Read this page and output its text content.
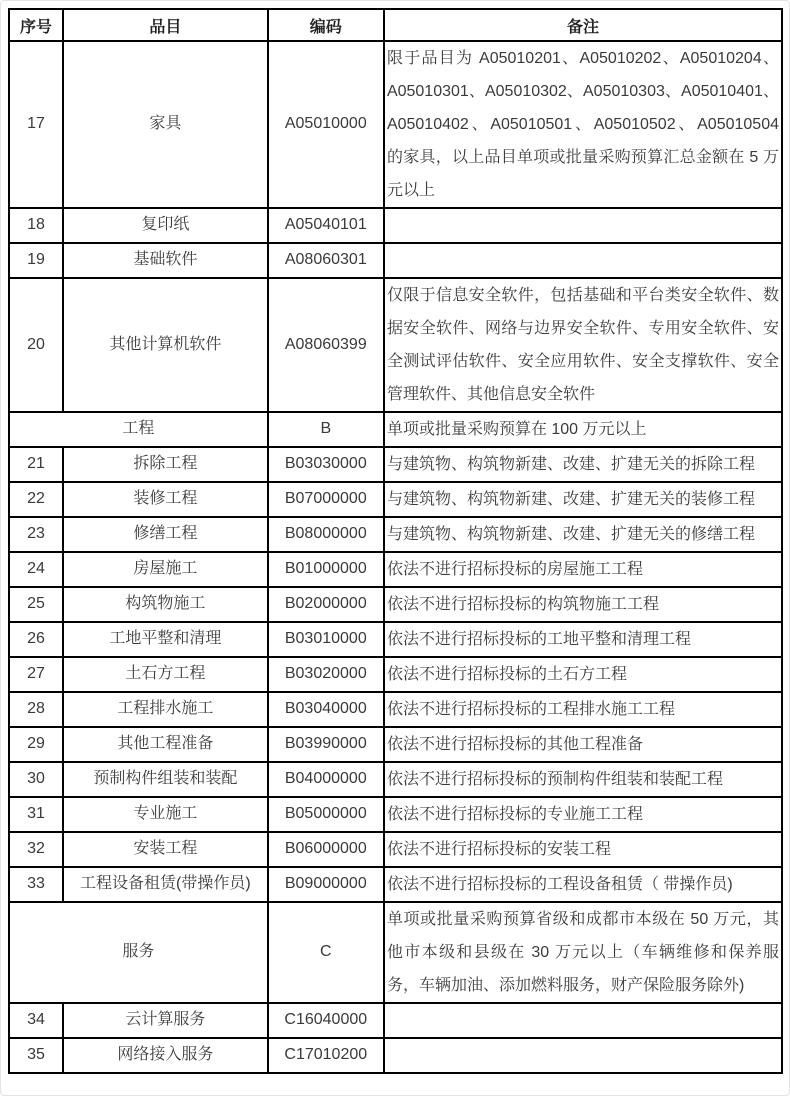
序号	品目	编码	备注
17	家具	A05010000	限于品目为 A05010201、A05010202、A05010204、A05010301、A05010302、A05010303、A05010401、A05010402、A05010501、A05010502、A05010504 的家具，以上品目单项或批量采购预算汇总金额在 5 万元以上
18	复印纸	A05040101	
19	基础软件	A08060301	
20	其他计算机软件	A08060399	仅限于信息安全软件，包括基础和平台类安全软件、数据安全软件、网络与边界安全软件、专用安全软件、安全测试评估软件、安全应用软件、安全支撑软件、安全管理软件、其他信息安全软件
工程		B	单项或批量采购预算在 100 万元以上
21	拆除工程	B03030000	与建筑物、构筑物新建、改建、扩建无关的拆除工程
22	装修工程	B07000000	与建筑物、构筑物新建、改建、扩建无关的装修工程
23	修缮工程	B08000000	与建筑物、构筑物新建、改建、扩建无关的修缮工程
24	房屋施工	B01000000	依法不进行招标投标的房屋施工工程
25	构筑物施工	B02000000	依法不进行招标投标的构筑物施工工程
26	工地平整和清理	B03010000	依法不进行招标投标的工地平整和清理工程
27	土石方工程	B03020000	依法不进行招标投标的土石方工程
28	工程排水施工	B03040000	依法不进行招标投标的工程排水施工工程
29	其他工程准备	B03990000	依法不进行招标投标的其他工程准备
30	预制构件组装和装配	B04000000	依法不进行招标投标的预制构件组装和装配工程
31	专业施工	B05000000	依法不进行招标投标的专业施工工程
32	安装工程	B06000000	依法不进行招标投标的安装工程
33	工程设备租赁(带操作员)	B09000000	依法不进行招标投标的工程设备租赁（ 带操作员)
服务		C	单项或批量采购预算省级和成都市本级在 50 万元，其他市本级和县级在 30 万元以上（车辆维修和保养服务，车辆加油、添加燃料服务，财产保险服务除外)
34	云计算服务	C16040000	
35	网络接入服务	C17010200	
